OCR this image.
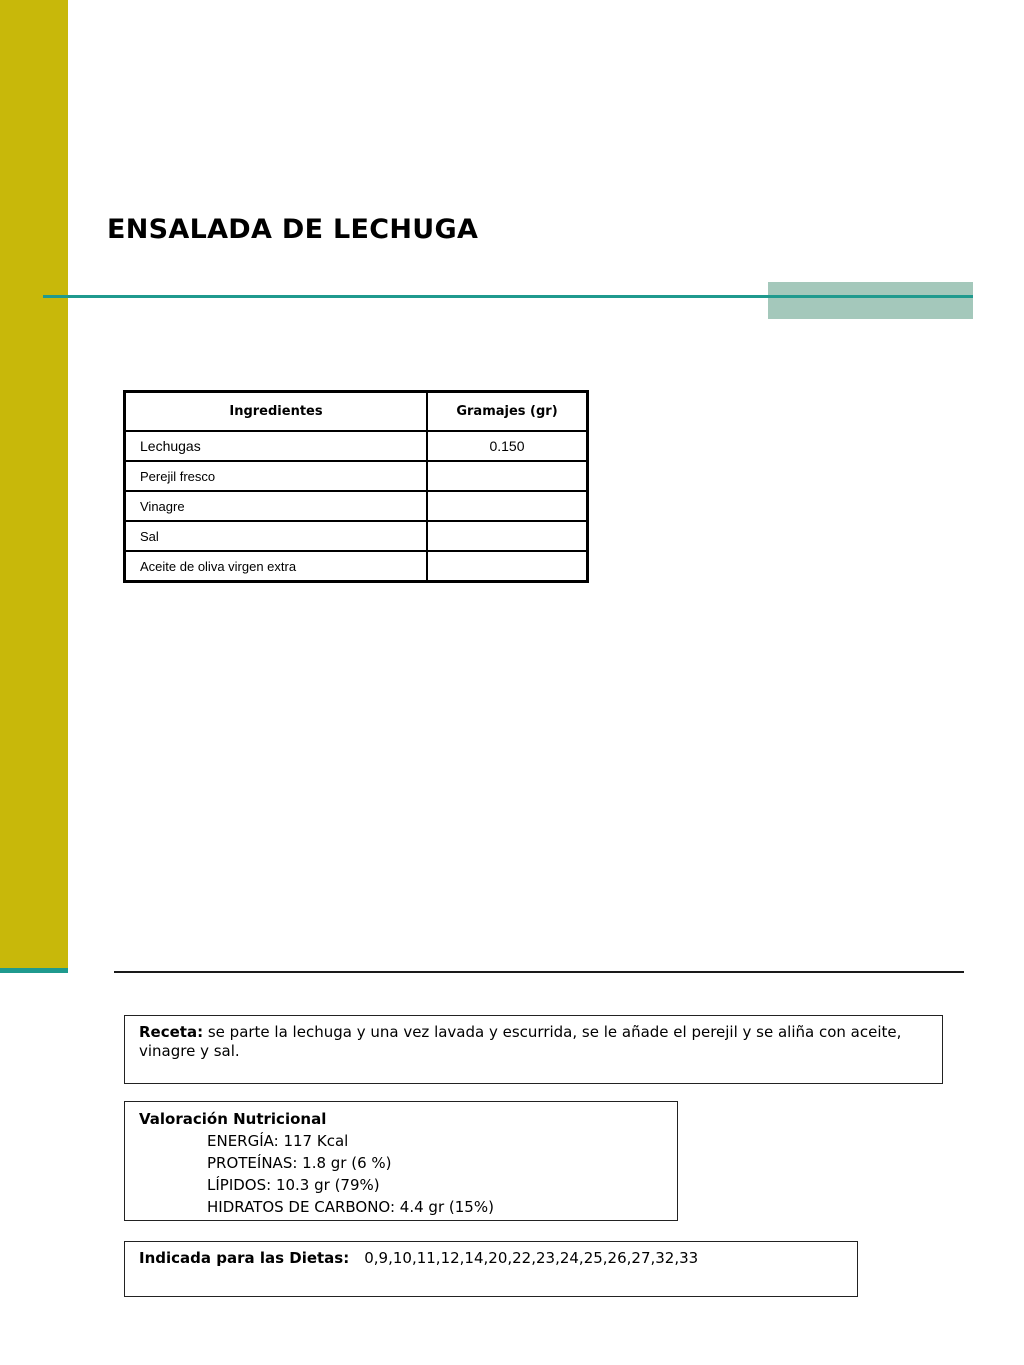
ENSALADA DE LECHUGA
Ingredientes	Gramajes (gr)
Lechugas	0.150
Perejil fresco	
Vinagre	
Sal	
Aceite de oliva virgen extra	
Receta: se parte la lechuga y una vez lavada y escurrida, se le añade el perejil y se aliña con aceite, vinagre y sal.
Valoración Nutricional
ENERGÍA: 117 Kcal
PROTEÍNAS: 1.8 gr (6 %)
LÍPIDOS: 10.3 gr (79%)
HIDRATOS DE CARBONO: 4.4 gr (15%)
Indicada para las Dietas: 0,9,10,11,12,14,20,22,23,24,25,26,27,32,33
